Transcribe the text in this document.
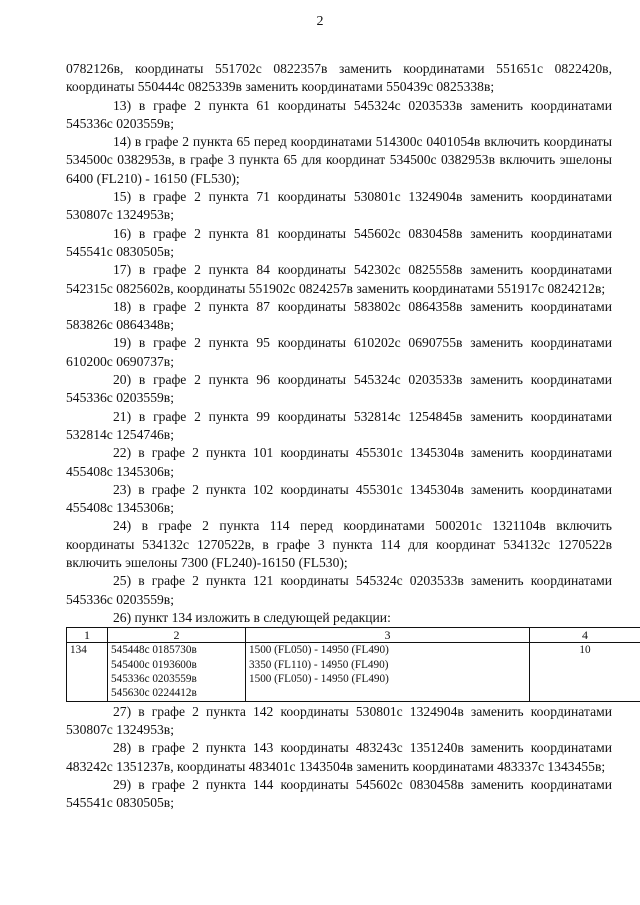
2

0782126в, координаты 551702с 0822357в заменить координатами 551651с 0822420в, координаты 550444с 0825339в заменить координатами 550439с 0825338в;

13) в графе 2 пункта 61 координаты 545324с 0203533в заменить координатами 545336с 0203559в;

14) в графе 2 пункта 65 перед координатами 514300с 0401054в включить координаты 534500с 0382953в, в графе 3 пункта 65 для координат 534500с 0382953в включить эшелоны 6400 (FL210) - 16150 (FL530);

15) в графе 2 пункта 71 координаты 530801с 1324904в заменить координатами 530807с 1324953в;

16) в графе 2 пункта 81 координаты 545602с 0830458в заменить координатами 545541с 0830505в;

17) в графе 2 пункта 84 координаты 542302с 0825558в заменить координатами 542315с 0825602в, координаты 551902с 0824257в заменить координатами 551917с 0824212в;

18) в графе 2 пункта 87 координаты 583802с 0864358в заменить координатами 583826с 0864348в;

19) в графе 2 пункта 95 координаты 610202с 0690755в заменить координатами 610200с 0690737в;

20) в графе 2 пункта 96 координаты 545324с 0203533в заменить координатами 545336с 0203559в;

21) в графе 2 пункта 99 координаты 532814с 1254845в заменить координатами 532814с 1254746в;

22) в графе 2 пункта 101 координаты 455301с 1345304в заменить координатами 455408с 1345306в;

23) в графе 2 пункта 102 координаты 455301с 1345304в заменить координатами 455408с 1345306в;

24) в графе 2 пункта 114 перед координатами 500201с 1321104в включить координаты 534132с 1270522в, в графе 3 пункта 114 для координат 534132с 1270522в включить эшелоны 7300 (FL240)-16150 (FL530);

25) в графе 2 пункта 121 координаты 545324с 0203533в заменить координатами 545336с 0203559в;

26) пункт 134 изложить в следующей редакции:

1	2	3	4
134	545448с 0185730в
545400с 0193600в
545336с 0203559в
545630с 0224412в	1500 (FL050) - 14950 (FL490)
3350 (FL110) - 14950 (FL490)
1500 (FL050) - 14950 (FL490)	10

27) в графе 2 пункта 142 координаты 530801с 1324904в заменить координатами 530807с 1324953в;

28) в графе 2 пункта 143 координаты 483243с 1351240в заменить координатами 483242с 1351237в, координаты 483401с 1343504в заменить координатами 483337с 1343455в;

29) в графе 2 пункта 144 координаты 545602с 0830458в заменить координатами 545541с 0830505в;
